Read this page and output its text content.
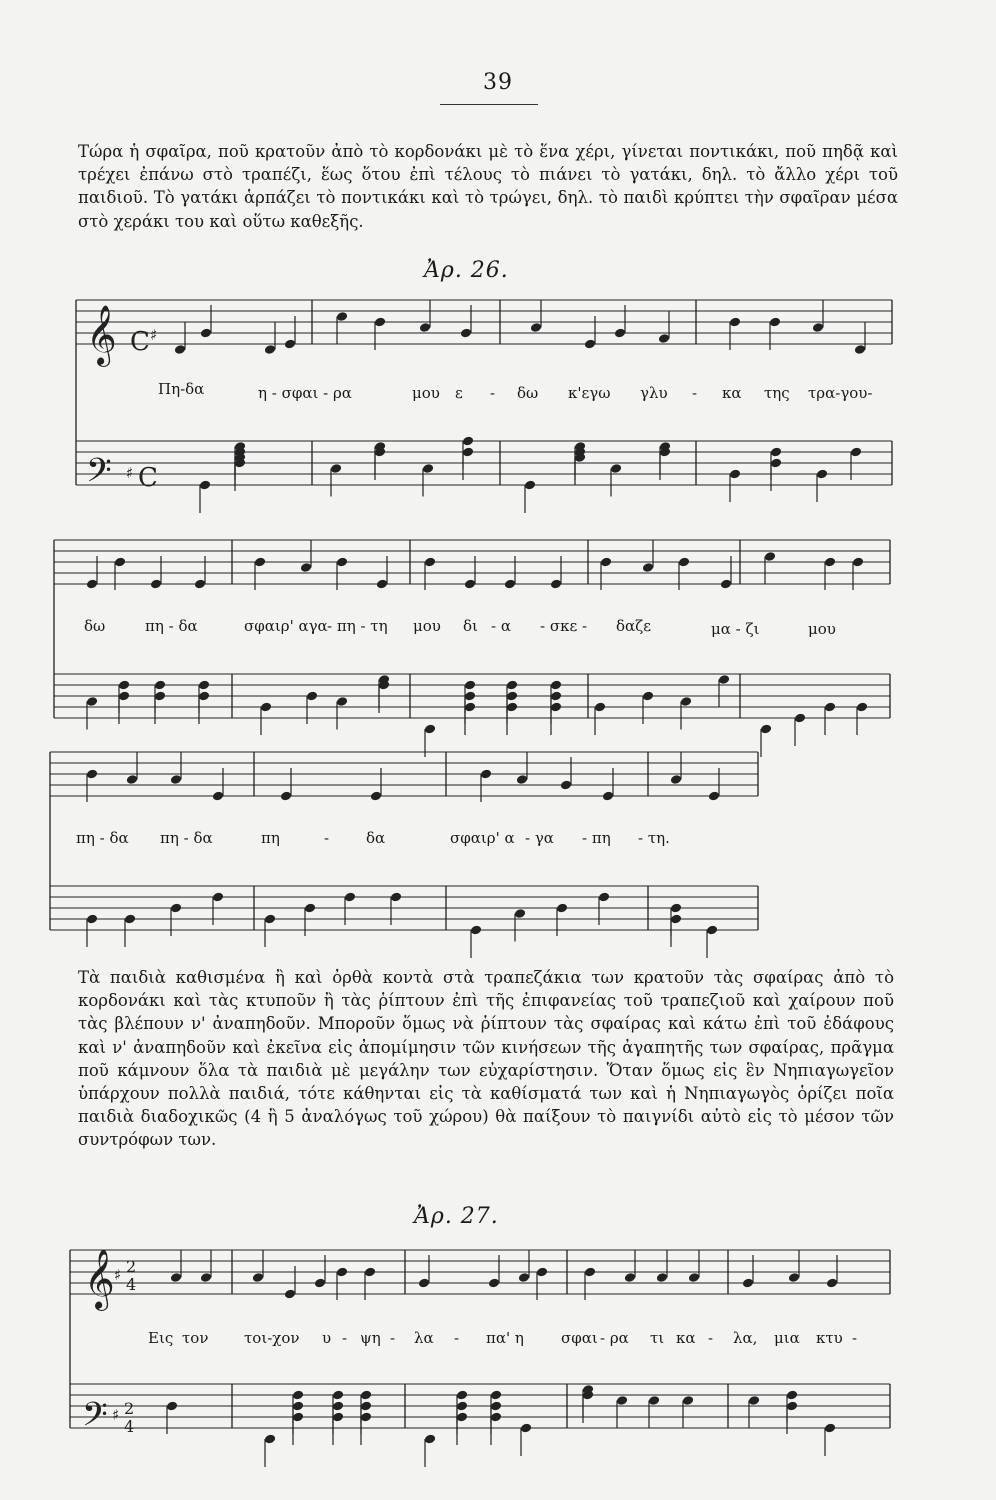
39

Τώρα ἡ σφαῖρα, ποῦ κρατοῦν ἀπὸ τὸ κορδονάκι μὲ τὸ ἕνα χέρι, γίνεται ποντικάκι, ποῦ πηδᾷ καὶ τρέχει ἐπάνω στὸ τραπέζι, ἕως ὅτου ἐπὶ τέλους τὸ πιάνει τὸ γατάκι, δηλ. τὸ ἄλλο χέρι τοῦ παιδιοῦ. Τὸ γατάκι ἁρπάζει τὸ ποντικάκι καὶ τὸ τρώγει, δηλ. τὸ παιδὶ κρύπτει τὴν σφαῖραν μέσα στὸ χεράκι του καὶ οὕτω καθεξῆς.

Ἀρ. 26.
Πη-δα	η - σφαι - ρα	μου ε - δω κ'εγω γλυ - κα της τρα-γου-
δω	πη - δα	σφαιρ' αγα - πη - τη μου δι - α - σκε - δαζε	μα - ζι	μου
πη - δα πη - δα	πη	- δα	σφαιρ' α - γα - πη - τη.

Τὰ παιδιὰ καθισμένα ἢ καὶ ὀρθὰ κοντὰ στὰ τραπεζάκια των κρατοῦν τὰς σφαίρας ἀπὸ τὸ κορδονάκι καὶ τὰς κτυποῦν ἢ τὰς ῥίπτουν ἐπὶ τῆς ἐπιφανείας τοῦ τραπεζιοῦ καὶ χαίρουν ποῦ τὰς βλέπουν ν' ἀναπηδοῦν. Μποροῦν ὅμως νὰ ῥίπτουν τὰς σφαίρας καὶ κάτω ἐπὶ τοῦ ἐδάφους καὶ ν' ἀναπηδοῦν καὶ ἐκεῖνα εἰς ἀπομίμησιν τῶν κινήσεων τῆς ἀγαπητῆς των σφαίρας, πρᾶγμα ποῦ κάμνουν ὅλα τὰ παιδιὰ μὲ μεγάλην των εὐχαρίστησιν. Ὅταν ὅμως εἰς ἓν Νηπιαγωγεῖον ὑπάρχουν πολλὰ παιδιά, τότε κάθηνται εἰς τὰ καθίσματά των καὶ ἡ Νηπιαγωγὸς ὁρίζει ποῖα παιδιὰ διαδοχικῶς (4 ἢ 5 ἀναλόγως τοῦ χώρου) θὰ παίξουν τὸ παιγνίδι αὐτὸ εἰς τὸ μέσον τῶν συντρόφων των.

Ἀρ. 27.
Εις τον τοι-χον υ - ψη - λα - πα' η σφαι - ρα τι κα - λα, μια κτυ -
𝄞 ♯
C
𝄢 ♯ C
𝄞 ♯ 2
4
𝄢 ♯ 2
4
